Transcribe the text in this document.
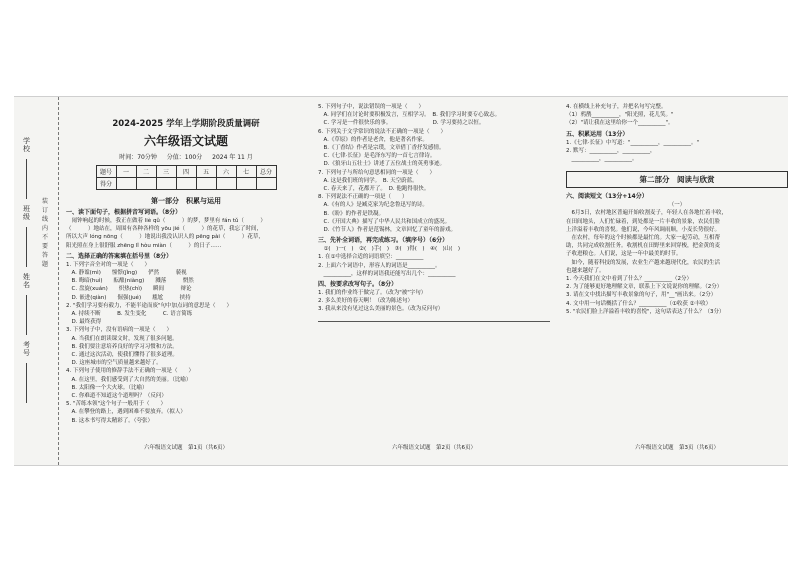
学校
班级
姓名
考号
装 订 线 内 不 要 答 题
2024-2025 学年上学期阶段质量调研
六年级语文试题
时间：70分钟 分值：100分 2024 年 11 月
题号	一	二	三	四	五	六	七	总分
得分								
第一部分　积累与运用
一、读下面句子，根据拼音写词语。（8分）
　闹钟响起的时候，我正在做着 liè qǔ（　　　）的梦，梦里有 fán tǔ（　　　）
（　　　）地站在，周围有各种各样的 yōu jié（　　　）的花草，我忘了时间，
所以大声 lóng nōng（　　　）地说出我没认识人的 pēng pài（　　　）花草，
阳光照在身上很舒服 zhēng lǐ hòu miàn（　　　）的日子……
二、选择正确的答案填在括号里（8分）
1. 下列字音全对的一项是（　　）
　A. 静谧(mì)　　憧憬(jǐng)　　俨然　　　藐视
　B. 晦暗(huì)　　酝酿(niàng)　　溅落　　　惘然
　C. 盘旋(xuán)　　炽热(chì)　　瞬间　　　辩论
　D. 嵌进(qiàn)　　倔强(jué)　　尴尬　　　挟持
2. "我们学习要有毅力，不能半途而废"句中加点词的意思是（　　）
　A. 持续不断　　　B. 发生变化　　　C. 语言简练
　D. 最终获得
3. 下列句子中，没有语病的一项是（　　）
　A. 当我们在朗读课文时，发现了很多问题。
　B. 我们要注意培养良好的学习习惯和方法。
　C. 通过这次活动，使我们懂得了很多道理。
　D. 这座城市的空气质量越来越好了。
4. 下列句子使用的修辞手法不正确的一项是（　　）
　A. 在这里，我们感受到了大自然的美丽。（比喻）
　B. 太阳像一个大火球。（比喻）
　C. 你难道不知道这个道理吗？（反问）
5. "苦练本领"这个句子一般用于（　　）
　A. 在攀登的路上，遇到困难不要放弃。（拟人）
　B. 这本书写得太精彩了。（夸张）
六年级语文试题　第1页（共6页）
5. 下列句子中，说法错误的一项是（　　）
　A. 同学们在讨论时要积极发言，互相学习。　B. 我们学习时要专心致志。
　C. 学习是一件很快乐的事。　　　　　　　　D. 学习要持之以恒。
6. 下列关于文学常识的说法不正确的一项是（　　）
　A.《草原》的作者是老舍，他是著名作家。
　B.《丁香结》作者是宗璞，文章借丁香抒发感情。
　C.《七律·长征》是毛泽东写的一首七言律诗。
　D.《狼牙山五壮士》讲述了五位战士的英勇事迹。
7. 下列句子与所给句意思相同的一项是（　　）
　A. 这是我们班的同学。　B. 天空蔚蓝。
　C. 春天来了，花都开了。　D. 他跑得很快。
8. 下列说法不正确的一项是（　　）
　A.《有的人》是臧克家为纪念鲁迅写的诗。
　B.《盼》的作者是铁凝。
　C.《开国大典》描写了中华人民共和国成立的盛况。
　D.《竹节人》作者是范锡林，文章回忆了童年的游戏。
三、先补全词语，再完成练习。（填序号）（6分）
　①(　)一(　)　②(　)手(　)　③(　)得(　)　④(　)山(　)
1. 在①中选择合适的词语填空：__________
2. 上面六个词语中，形容人的词语是__________。
　__________，这样的词语我还能写出几个：__________
四、按要求改写句子。（8分）
1. 我们的作业终于做完了。（改为"被"字句）
2. 多么美好的春天啊！（改为陈述句）
3. 我从来没有见过这么美丽的景色。（改为反问句）
六年级语文试题　第2页（共6页）
4. 在横线上补充句子，并把名句写完整。
（1）鸦鹊__________，"阳光照，花儿笑。"
（2）"请让我在这里给你一个__________"。
五、积累运用（13分）
1.《七律·长征》中写道："__________，__________。"
2. 默写：__________，__________，
　__________，__________。
第二部分　阅读与欣赏
六、阅读短文（13分+14分）
（一）
　6月3日，农村地区普遍开始收割麦子，年轻人在各地忙着丰收，
在田间地头，人们忙碌着，到处都是一片丰收的景象，农民们脸
上洋溢着丰收的喜悦。他们说，今年风调雨顺，小麦长势很好。
　在农村，每年的这个时候都是最忙的。大家一起劳动，互相帮
助，共同完成收割任务。收割机在田野里来回穿梭，把金黄的麦
子收进粮仓。人们说，这是一年中最美的时节。
　如今，随着科技的发展，农业生产越来越现代化，农民的生活
也越来越好了。
1. 今天我们在文中看到了什么？__________（2分）
2. 为了能够更好地理解文章，联系上下文说说你的理解。（2分）
3. 请在文中找出描写丰收景象的句子，用"__"画出来。（2分）
4. 文中用一句话概括了什么？__________（①收获 ②丰收）
5. "农民们脸上洋溢着丰收的喜悦"，这句话表达了什么？（3分）
六年级语文试题　第3页（共6页）
